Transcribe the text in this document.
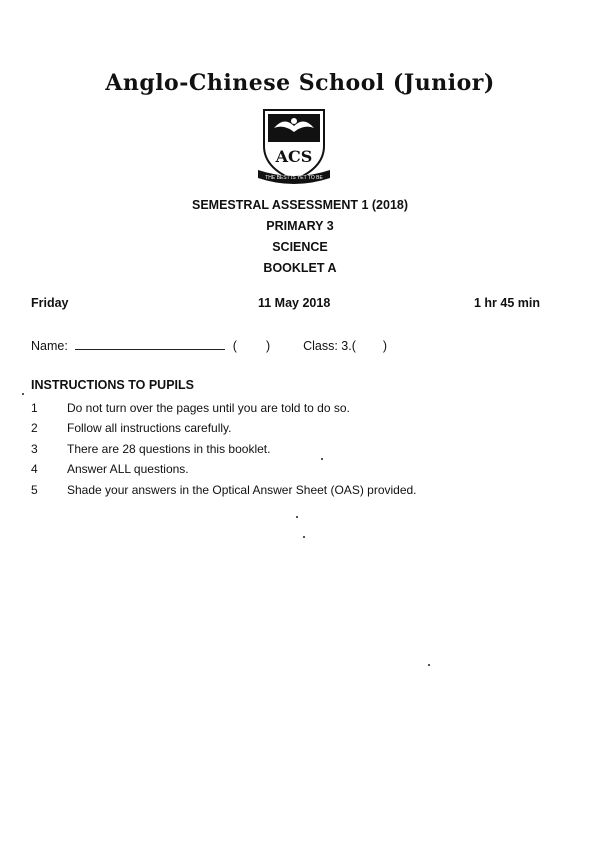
Anglo-Chinese School (Junior)
ACS
THE BEST IS YET TO BE
SEMESTRAL ASSESSMENT 1 (2018)
PRIMARY 3
SCIENCE
BOOKLET A
Friday	11 May 2018	1 hr 45 min
Name:	( )	Class: 3.( )
INSTRUCTIONS TO PUPILS
1 Do not turn over the pages until you are told to do so.
2 Follow all instructions carefully.
3 There are 28 questions in this booklet.
4 Answer ALL questions.
5 Shade your answers in the Optical Answer Sheet (OAS) provided.
